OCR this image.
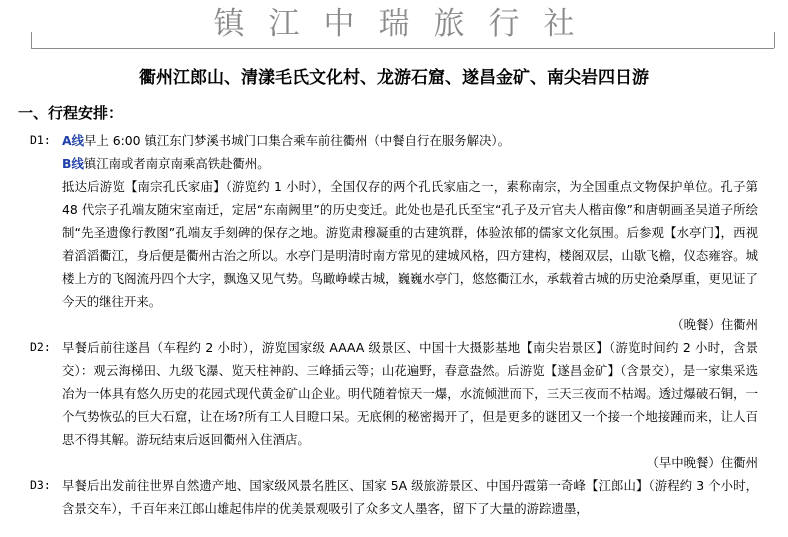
镇江中瑞旅行社
衢州江郎山、清漾毛氏文化村、龙游石窟、遂昌金矿、南尖岩四日游
一、行程安排：
D1: A线早上 6:00 镇江东门梦溪书城门口集合乘车前往衢州（中餐自行在服务解决）。

B线镇江南或者南京南乘高铁赴衢州。

抵达后游览【南宗孔氏家庙】（游览约 1 小时），全国仅存的两个孔氏家庙之一，素称南宗，为全国重点文物保护单位。孔子第 48 代宗子孔端友随宋室南迁，定居“东南阙里”的历史变迁。此处也是孔氏至宝“孔子及亓官夫人楷亩像”和唐朝画圣吴道子所绘制“先圣遗像行教图”孔端友手刻碑的保存之地。游览肃穆凝重的古建筑群，体验浓郁的儒家文化氛围。后参观【水亭门】，西视着滔滔衢江，身后便是衢州古治之所以。水亭门是明清时南方常见的建城风格，四方建构，楼阁双层，山歇飞檐，仪态雍容。城楼上方的飞阁流丹四个大字，飘逸又见气势。鸟瞰峥嵘古城，巍巍水亭门，悠悠衢江水，承载着古城的历史沧桑厚重，更见证了今天的继往开来。

（晚餐）住衢州

D2: 早餐后前往遂昌（车程约 2 小时），游览国家级 AAAA 级景区、中国十大摄影基地【南尖岩景区】（游览时间约 2 小时，含景交）：观云海梯田、九级飞瀑、览天柱神韵、三峰插云等；山花遍野，春意盎然。后游览【遂昌金矿】（含景交），是一家集采选冶为一体具有悠久历史的花园式现代黄金矿山企业。明代随着惊天一爆，水流倾泄而下，三天三夜而不枯竭。透过爆破石铜，一个气势恢弘的巨大石窟，让在场?所有工人目瞪口呆。无底俐的秘密揭开了，但是更多的谜团又一个接一个地接踵而来，让人百思不得其解。游玩结束后返回衢州入住酒店。

（早中晚餐）住衢州

D3: 早餐后出发前往世界自然遗产地、国家级风景名胜区、国家 5A 级旅游景区、中国丹霞第一奇峰【江郎山】（游程约 3 个小时，含景交车），千百年来江郎山雄起伟岸的优美景观吸引了众多文人墨客，留下了大量的游踪遗墨，
